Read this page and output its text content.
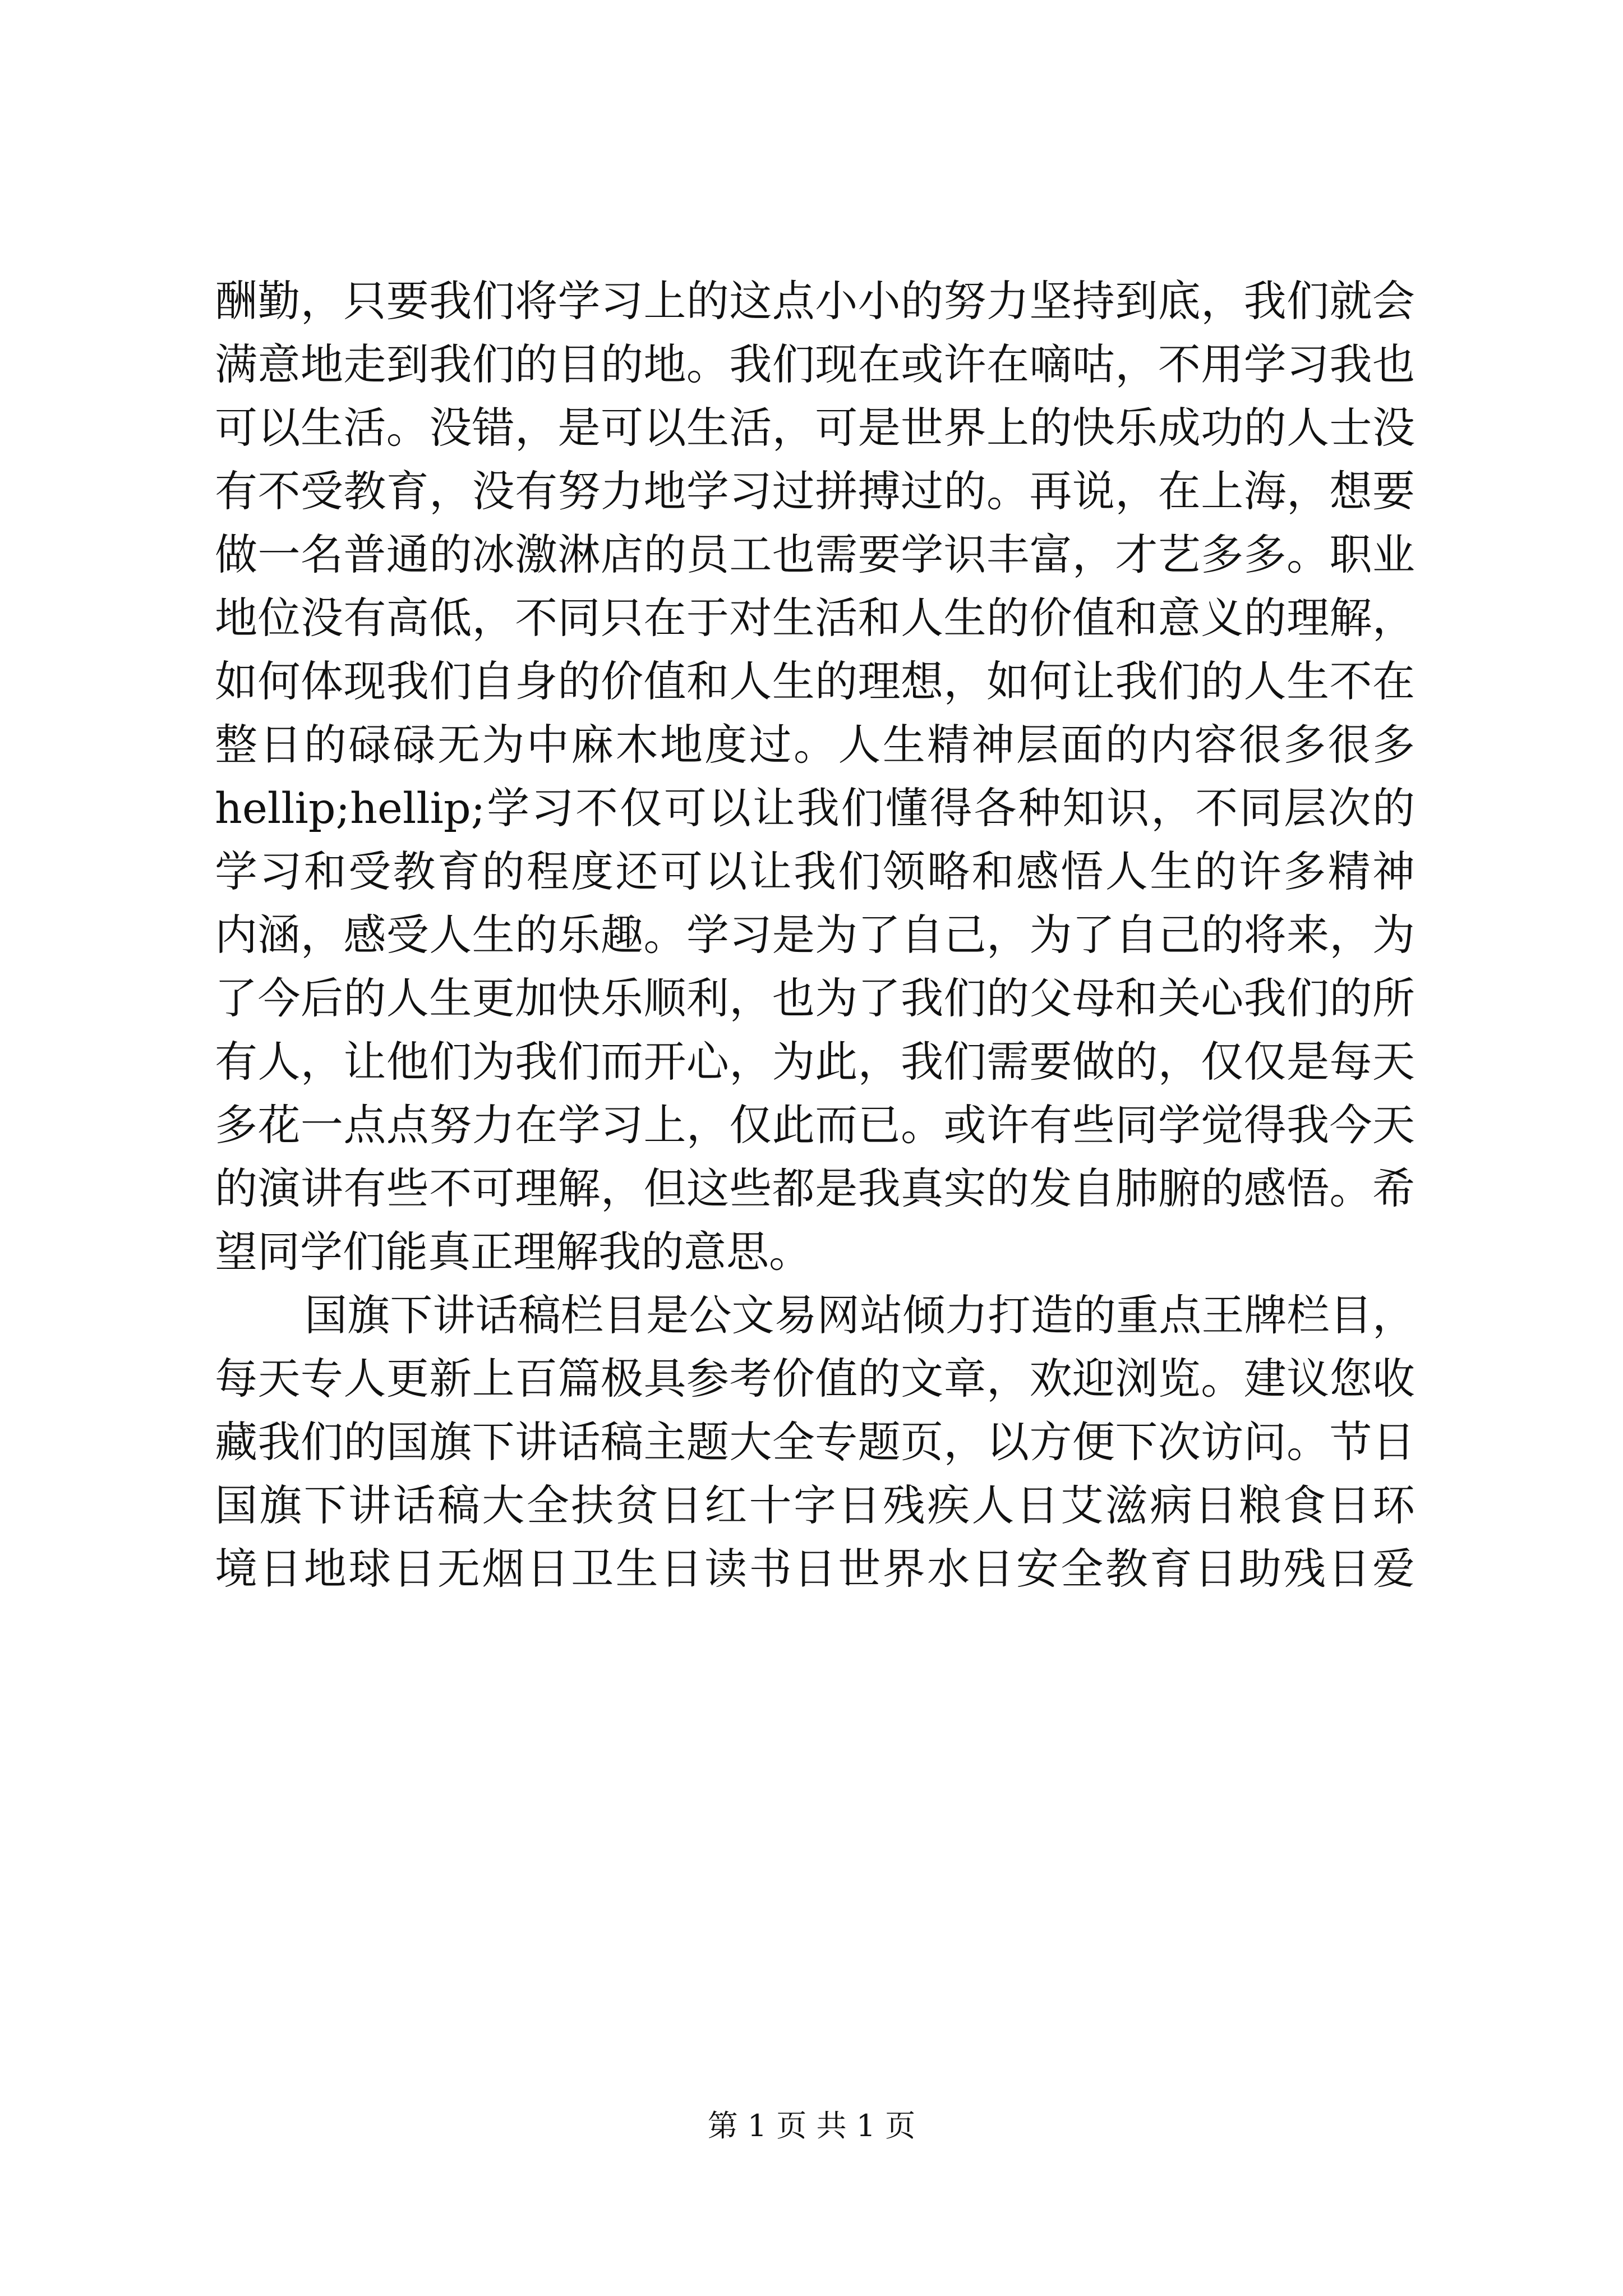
酬勤，只要我们将学习上的这点小小的努力坚持到底，我们就会
满意地走到我们的目的地。我们现在或许在嘀咕，不用学习我也
可以生活。没错，是可以生活，可是世界上的快乐成功的人士没
有不受教育，没有努力地学习过拼搏过的。再说，在上海，想要
做一名普通的冰激淋店的员工也需要学识丰富，才艺多多。职业
地位没有高低，不同只在于对生活和人生的价值和意义的理解，
如何体现我们自身的价值和人生的理想，如何让我们的人生不在
整日的碌碌无为中麻木地度过。人生精神层面的内容很多很多
hellip;hellip;学习不仅可以让我们懂得各种知识，不同层次的
学习和受教育的程度还可以让我们领略和感悟人生的许多精神
内涵，感受人生的乐趣。学习是为了自己，为了自己的将来，为
了今后的人生更加快乐顺利，也为了我们的父母和关心我们的所
有人，让他们为我们而开心，为此，我们需要做的，仅仅是每天
多花一点点努力在学习上，仅此而已。或许有些同学觉得我今天
的演讲有些不可理解，但这些都是我真实的发自肺腑的感悟。希
望同学们能真正理解我的意思。
国旗下讲话稿栏目是公文易网站倾力打造的重点王牌栏目，
每天专人更新上百篇极具参考价值的文章，欢迎浏览。建议您收
藏我们的国旗下讲话稿主题大全专题页，以方便下次访问。节日
国旗下讲话稿大全扶贫日红十字日残疾人日艾滋病日粮食日环
境日地球日无烟日卫生日读书日世界水日安全教育日助残日爱
第 1 页 共 1 页
